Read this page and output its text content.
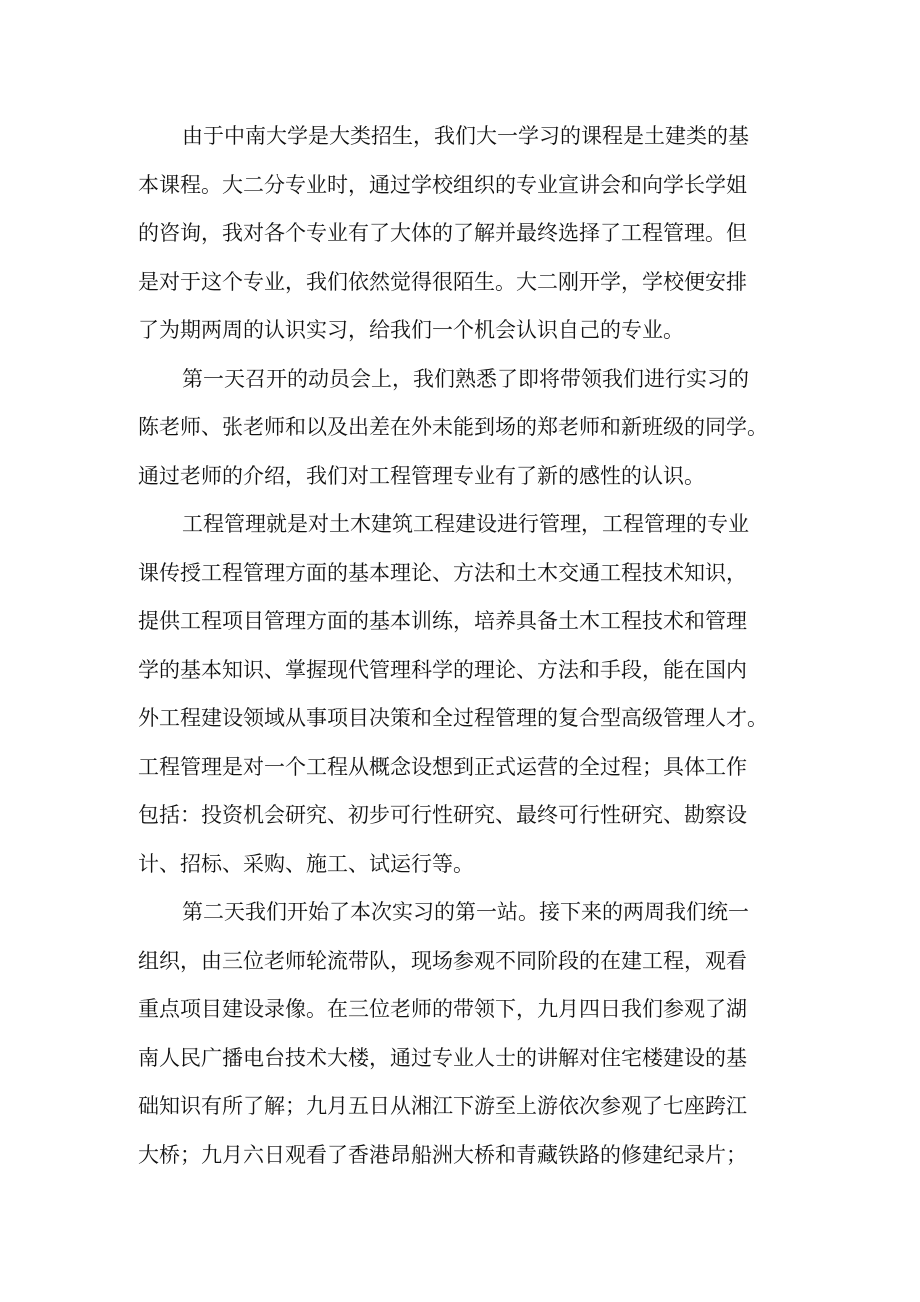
由于中南大学是大类招生，我们大一学习的课程是土建类的基
本课程。大二分专业时，通过学校组织的专业宣讲会和向学长学姐
的咨询，我对各个专业有了大体的了解并最终选择了工程管理。但
是对于这个专业，我们依然觉得很陌生。大二刚开学，学校便安排
了为期两周的认识实习，给我们一个机会认识自己的专业。

第一天召开的动员会上，我们熟悉了即将带领我们进行实习的
陈老师、张老师和以及出差在外未能到场的郑老师和新班级的同学。
通过老师的介绍，我们对工程管理专业有了新的感性的认识。

工程管理就是对土木建筑工程建设进行管理，工程管理的专业
课传授工程管理方面的基本理论、方法和土木交通工程技术知识，
提供工程项目管理方面的基本训练，培养具备土木工程技术和管理
学的基本知识、掌握现代管理科学的理论、方法和手段，能在国内
外工程建设领域从事项目决策和全过程管理的复合型高级管理人才。
工程管理是对一个工程从概念设想到正式运营的全过程；具体工作
包括：投资机会研究、初步可行性研究、最终可行性研究、勘察设
计、招标、采购、施工、试运行等。

第二天我们开始了本次实习的第一站。接下来的两周我们统一
组织，由三位老师轮流带队，现场参观不同阶段的在建工程，观看
重点项目建设录像。在三位老师的带领下，九月四日我们参观了湖
南人民广播电台技术大楼，通过专业人士的讲解对住宅楼建设的基
础知识有所了解；九月五日从湘江下游至上游依次参观了七座跨江
大桥；九月六日观看了香港昂船洲大桥和青藏铁路的修建纪录片；
